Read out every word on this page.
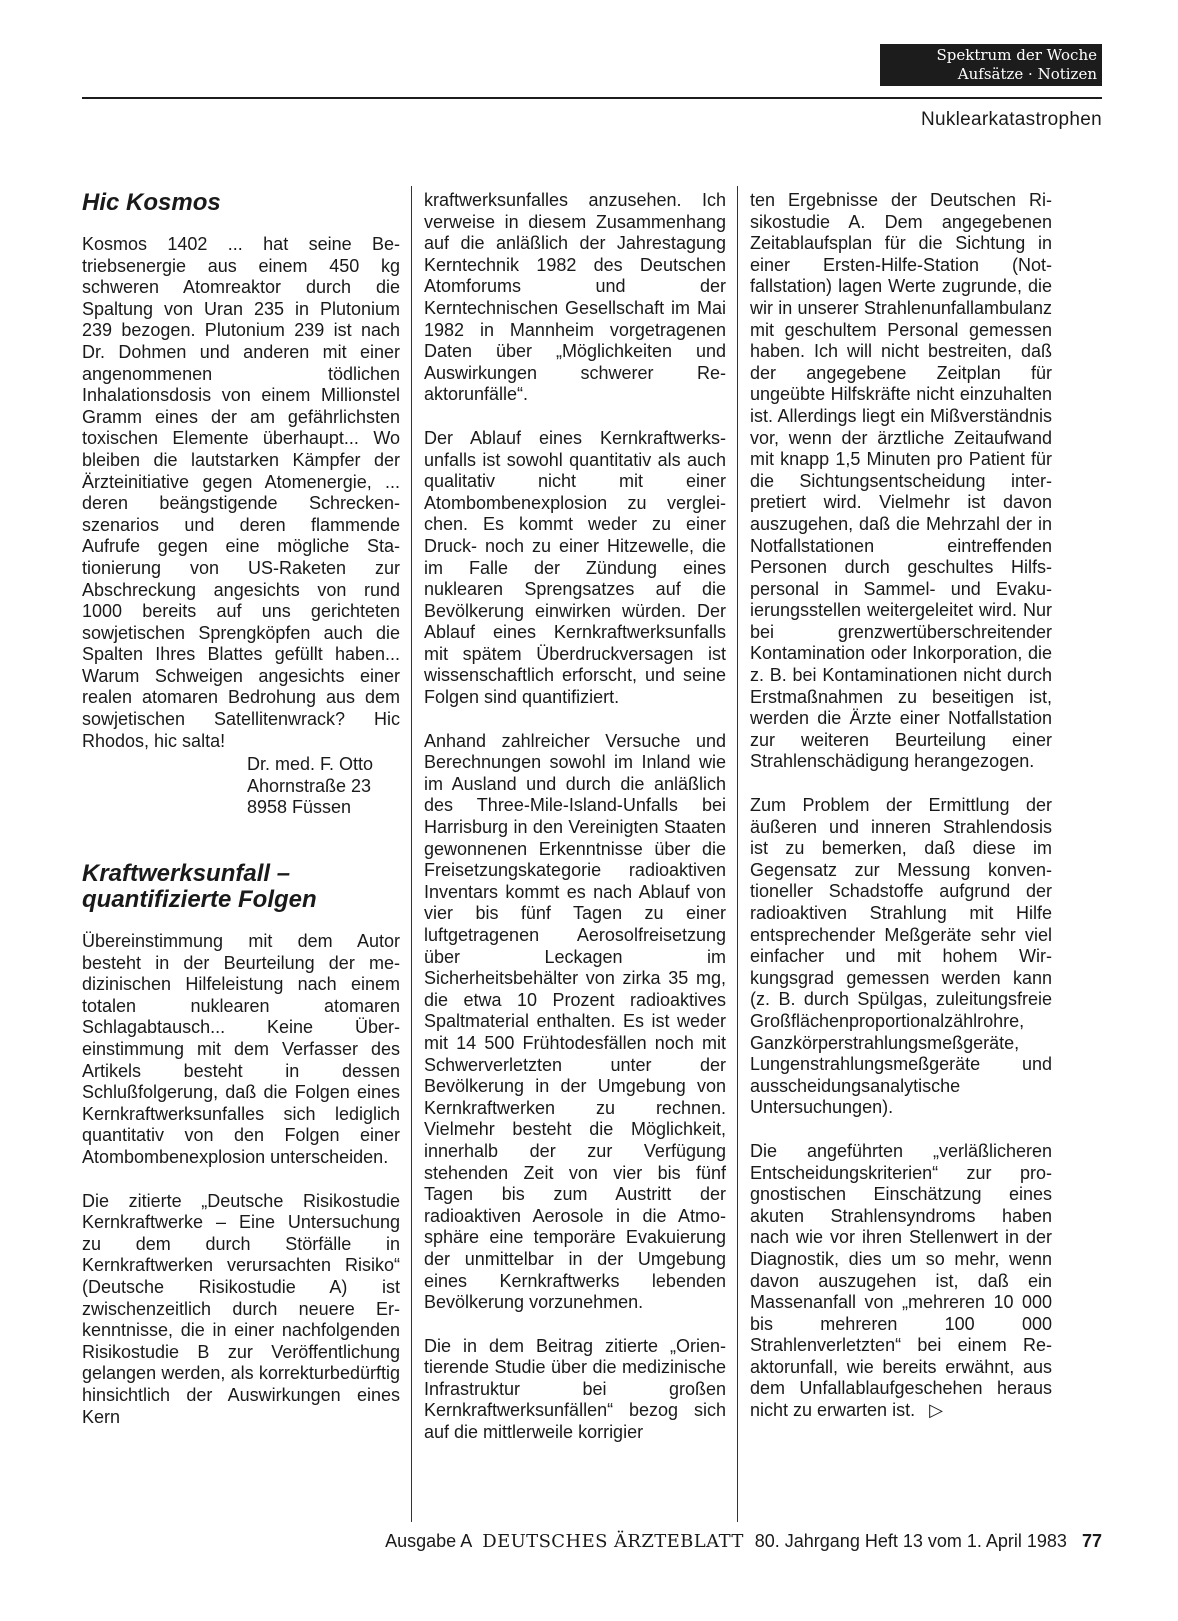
Spektrum der Woche
Aufsätze · Notizen
Nuklearkatastrophen
Hic Kosmos

Kosmos 1402 ... hat seine Betriebsenergie aus einem 450 kg schweren Atomreaktor durch die Spaltung von Uran 235 in Plutonium 239 bezogen. Plutonium 239 ist nach Dr. Dohmen und anderen mit einer angenommenen tödlichen Inhalationsdosis von einem Millionstel Gramm eines der am gefährlichsten toxischen Elemente überhaupt... Wo bleiben die lautstarken Kämpfer der Ärzteinitiative gegen Atomenergie, ... deren beängstigende Schreckenszenarios und deren flammende Aufrufe gegen eine mögliche Stationierung von US-Raketen zur Abschreckung angesichts von rund 1000 bereits auf uns gerichteten sowjetischen Sprengköpfen auch die Spalten Ihres Blattes gefüllt haben... Warum Schweigen angesichts einer realen atomaren Bedrohung aus dem sowjetischen Satellitenwrack? Hic Rhodos, hic salta!

Dr. med. F. Otto
Ahornstraße 23
8958 Füssen
Kraftwerksunfall –
quantifizierte Folgen

Übereinstimmung mit dem Autor besteht in der Beurteilung der medizinischen Hilfeleistung nach einem totalen nuklearen atomaren Schlagabtausch... Keine Übereinstimmung mit dem Verfasser des Artikels besteht in dessen Schlußfolgerung, daß die Folgen eines Kernkraftwerksunfalles sich lediglich quantitativ von den Folgen einer Atombombenexplosion unterscheiden.

Die zitierte „Deutsche Risikostudie Kernkraftwerke – Eine Untersuchung zu dem durch Störfälle in Kernkraftwerken verursachten Risiko“ (Deutsche Risikostudie A) ist zwischenzeitlich durch neuere Erkenntnisse, die in einer nachfolgenden Risikostudie B zur Veröffentlichung gelangen werden, als korrekturbedürftig hinsichtlich der Auswirkungen eines Kern

kraftwerksunfalles anzusehen. Ich verweise in diesem Zusammenhang auf die anläßlich der Jahrestagung Kerntechnik 1982 des Deutschen Atomforums und der Kerntechnischen Gesellschaft im Mai 1982 in Mannheim vorgetragenen Daten über „Möglichkeiten und Auswirkungen schwerer Reaktorunfälle“.

Der Ablauf eines Kernkraftwerksunfalls ist sowohl quantitativ als auch qualitativ nicht mit einer Atombombenexplosion zu vergleichen. Es kommt weder zu einer Druck- noch zu einer Hitzewelle, die im Falle der Zündung eines nuklearen Sprengsatzes auf die Bevölkerung einwirken würden. Der Ablauf eines Kernkraftwerksunfalls mit spätem Überdruckversagen ist wissenschaftlich erforscht, und seine Folgen sind quantifiziert.

Anhand zahlreicher Versuche und Berechnungen sowohl im Inland wie im Ausland und durch die anläßlich des Three-Mile-Island-Unfalls bei Harrisburg in den Vereinigten Staaten gewonnenen Erkenntnisse über die Freisetzungskategorie radioaktiven Inventars kommt es nach Ablauf von vier bis fünf Tagen zu einer luftgetragenen Aerosolfreisetzung über Leckagen im Sicherheitsbehälter von zirka 35 mg, die etwa 10 Prozent radioaktives Spaltmaterial enthalten. Es ist weder mit 14 500 Frühtodesfällen noch mit Schwerverletzten unter der Bevölkerung in der Umgebung von Kernkraftwerken zu rechnen. Vielmehr besteht die Möglichkeit, innerhalb der zur Verfügung stehenden Zeit von vier bis fünf Tagen bis zum Austritt der radioaktiven Aerosole in die Atmosphäre eine temporäre Evakuierung der unmittelbar in der Umgebung eines Kernkraftwerks lebenden Bevölkerung vorzunehmen.

Die in dem Beitrag zitierte „Orientierende Studie über die medizinische Infrastruktur bei großen Kernkraftwerksunfällen“ bezog sich auf die mittlerweile korrigier

ten Ergebnisse der Deutschen Risikostudie A. Dem angegebenen Zeitablaufsplan für die Sichtung in einer Ersten-Hilfe-Station (Notfallstation) lagen Werte zugrunde, die wir in unserer Strahlenunfallambulanz mit geschultem Personal gemessen haben. Ich will nicht bestreiten, daß der angegebene Zeitplan für ungeübte Hilfskräfte nicht einzuhalten ist. Allerdings liegt ein Mißverständnis vor, wenn der ärztliche Zeitaufwand mit knapp 1,5 Minuten pro Patient für die Sichtungsentscheidung interpretiert wird. Vielmehr ist davon auszugehen, daß die Mehrzahl der in Notfallstationen eintreffenden Personen durch geschultes Hilfspersonal in Sammel- und Evakuierungsstellen weitergeleitet wird. Nur bei grenzwertüberschreitender Kontamination oder Inkorporation, die z. B. bei Kontaminationen nicht durch Erstmaßnahmen zu beseitigen ist, werden die Ärzte einer Notfallstation zur weiteren Beurteilung einer Strahlenschädigung herangezogen.

Zum Problem der Ermittlung der äußeren und inneren Strahlendosis ist zu bemerken, daß diese im Gegensatz zur Messung konventioneller Schadstoffe aufgrund der radioaktiven Strahlung mit Hilfe entsprechender Meßgeräte sehr viel einfacher und mit hohem Wirkungsgrad gemessen werden kann (z. B. durch Spülgas, zuleitungsfreie Großflächenproportionalzählrohre, Ganzkörperstrahlungsmeßgeräte, Lungenstrahlungsmeßgeräte und ausscheidungsanalytische Untersuchungen).

Die angeführten „verläßlicheren Entscheidungskriterien“ zur prognostischen Einschätzung eines akuten Strahlensyndroms haben nach wie vor ihren Stellenwert in der Diagnostik, dies um so mehr, wenn davon auszugehen ist, daß ein Massenanfall von „mehreren 10 000 bis mehreren 100 000 Strahlenverletzten“ bei einem Reaktorunfall, wie bereits erwähnt, aus dem Unfallablaufgeschehen heraus nicht zu erwarten ist. ▷

Ausgabe A DEUTSCHES ÄRZTEBLATT 80. Jahrgang Heft 13 vom 1. April 1983 77
